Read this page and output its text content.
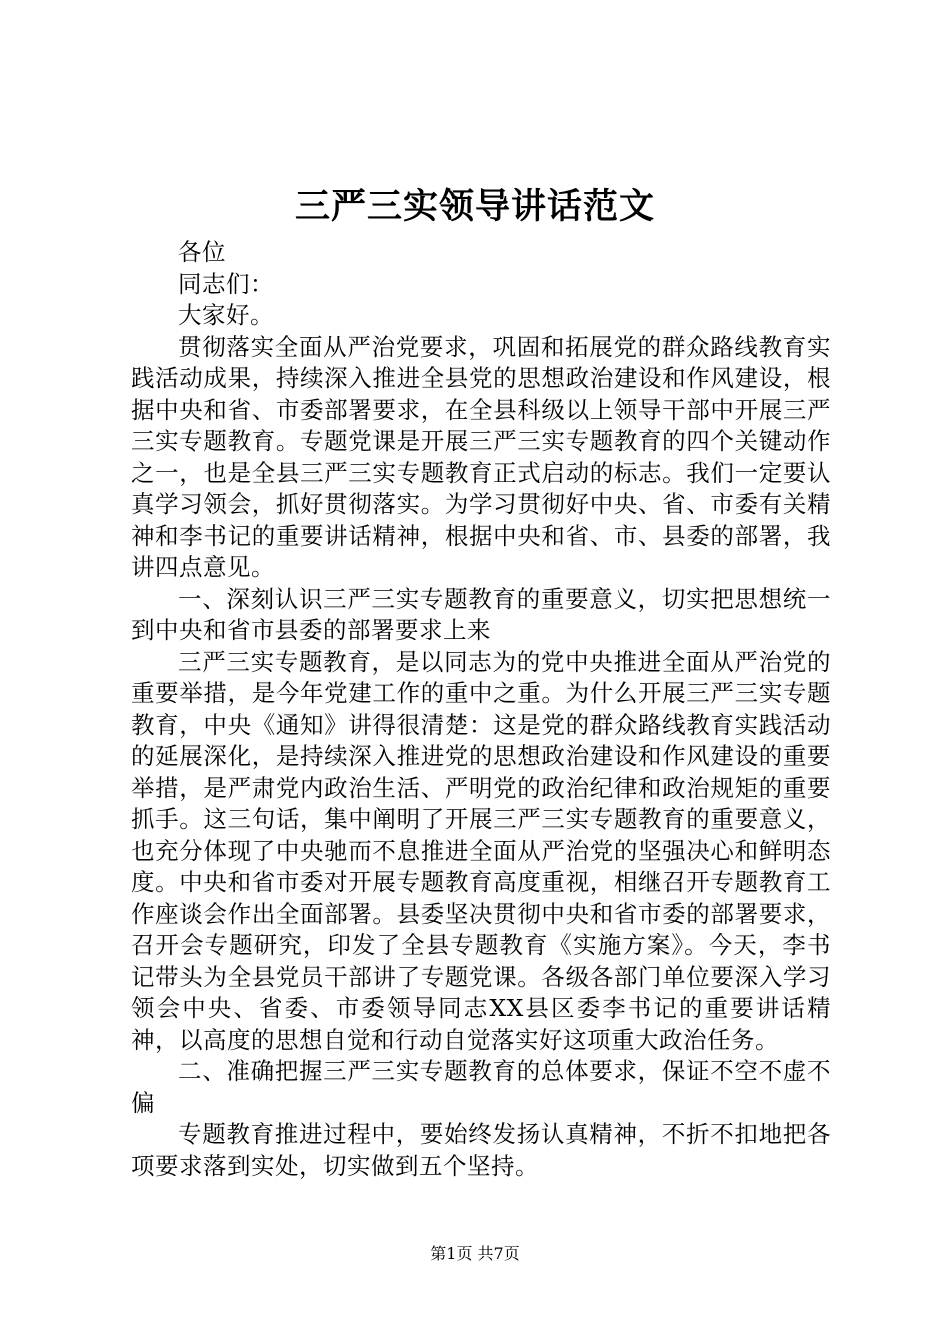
三严三实领导讲话范文

各位

同志们：

大家好。

贯彻落实全面从严治党要求，巩固和拓展党的群众路线教育实践活动成果，持续深入推进全县党的思想政治建设和作风建设，根据中央和省、市委部署要求，在全县科级以上领导干部中开展三严三实专题教育。专题党课是开展三严三实专题教育的四个关键动作之一，也是全县三严三实专题教育正式启动的标志。我们一定要认真学习领会，抓好贯彻落实。为学习贯彻好中央、省、市委有关精神和李书记的重要讲话精神，根据中央和省、市、县委的部署，我讲四点意见。

一、深刻认识三严三实专题教育的重要意义，切实把思想统一到中央和省市县委的部署要求上来

三严三实专题教育，是以同志为的党中央推进全面从严治党的重要举措，是今年党建工作的重中之重。为什么开展三严三实专题教育，中央《通知》讲得很清楚：这是党的群众路线教育实践活动的延展深化，是持续深入推进党的思想政治建设和作风建设的重要举措，是严肃党内政治生活、严明党的政治纪律和政治规矩的重要抓手。这三句话，集中阐明了开展三严三实专题教育的重要意义，也充分体现了中央驰而不息推进全面从严治党的坚强决心和鲜明态度。中央和省市委对开展专题教育高度重视，相继召开专题教育工作座谈会作出全面部署。县委坚决贯彻中央和省市委的部署要求，召开会专题研究，印发了全县专题教育《实施方案》。今天，李书记带头为全县党员干部讲了专题党课。各级各部门单位要深入学习领会中央、省委、市委领导同志XX县区委李书记的重要讲话精神，以高度的思想自觉和行动自觉落实好这项重大政治任务。

二、准确把握三严三实专题教育的总体要求，保证不空不虚不偏

专题教育推进过程中，要始终发扬认真精神，不折不扣地把各项要求落到实处，切实做到五个坚持。

第1页 共7页
